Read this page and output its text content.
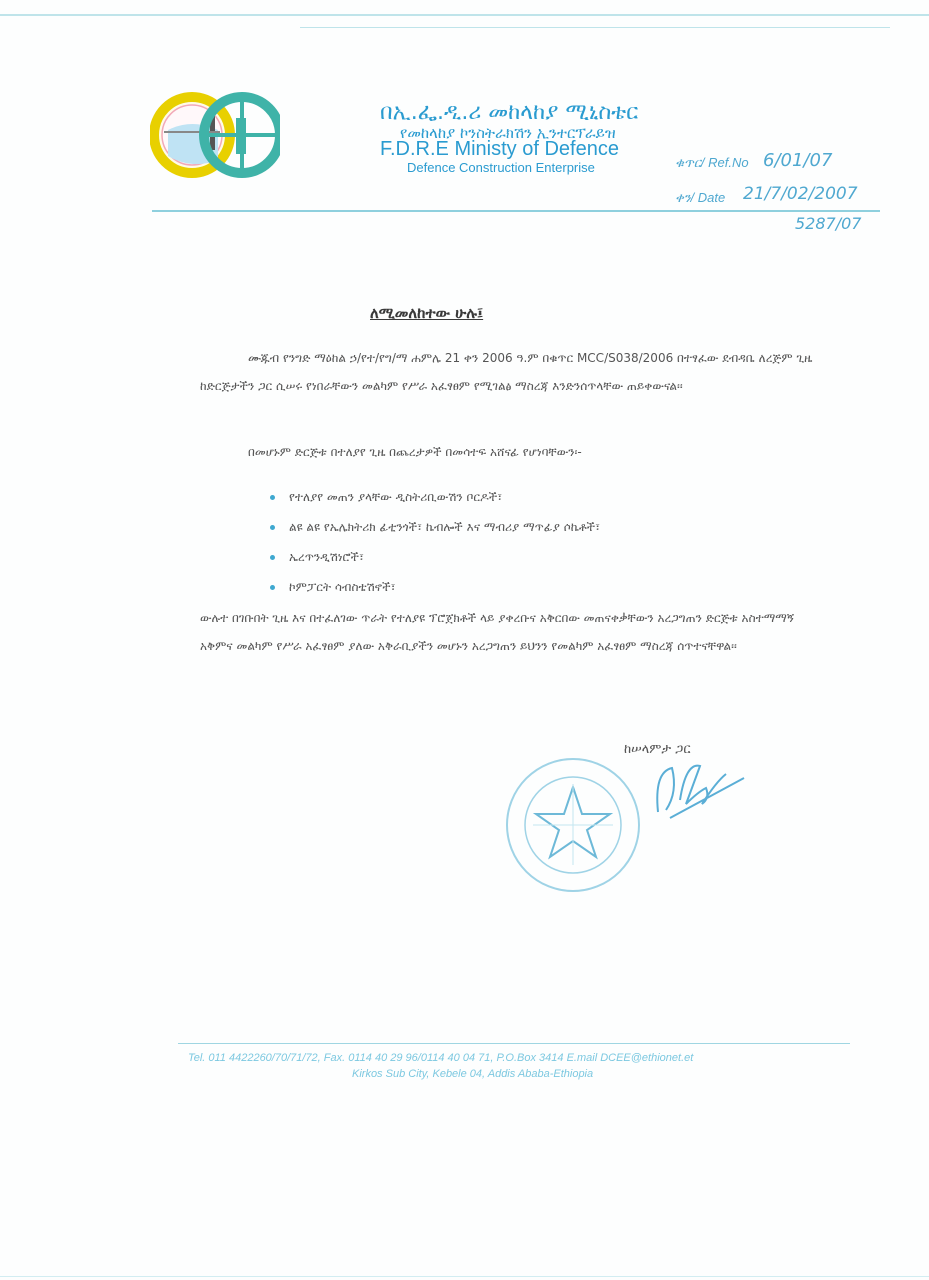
በኢ.ፌ.ዲ.ሪ መከላከያ ሚኒስቴር
የመከላከያ ኮንስትራክሽን ኢንተርፕራይዝ
F.D.R.E Ministy of Defence
Defence Construction Enterprise	ቁጥር/ Ref.No 6/01/07
ቀን/ Date 21/7/02/2007
5287/07
ለሚመለከተው ሁሉ፤
ሙጁብ የንግድ ማዕከል ኃ/የተ/የግ/ማ ሐምሌ 21 ቀን 2006 ዓ.ም በቁጥር MCC/S038/2006 በተፃፈው ደብዳቤ ለረጅም ጊዜ ከድርጅታችን ጋር ሲሠሩ የነበራቸውን መልካም የሥራ አፈፃፀም የሚገልፅ ማስረጃ እንድንሰጥላቸው ጠይቀውናል፡፡
በመሆኑም ድርጅቱ በተለያየ ጊዜ በጨረታዎች በመሳተፍ አሸናፊ የሆነባቸውን፡-
የተለያየ መጠን ያላቸው ዲስትሪቢውሽን ቦርዶች፣
ልዩ ልዩ የኤሌክትሪክ ፊቲንጎች፣ ኬብሎች እና ማብሪያ ማጥፊያ ሶኬቶች፣
ኤረጥንዲሽነሮች፣
ኮምፓርት ሳብስቴሽኖች፣
ውሉተ በገቡበት ጊዜ እና በተፈለገው ጥራት የተለያዩ ፕሮጀክቶች ላይ ያቀረቡና አቅርበው መጠናቀቃቸውን አረጋግጠን ድርጅቱ አስተማማኝ አቅምና መልካም የሥራ አፈፃፀም ያለው አቅራቢያችን መሆኑን አረጋግጠን ይህንን የመልካም አፈፃፀም ማስረጃ ሰጥተናቸዋል፡፡
ከሠላምታ ጋር
Tel. 011 4422260/70/71/72, Fax. 0114 40 29 96/0114 40 04 71, P.O.Box 3414 E.mail DCEE@ethionet.et
Kirkos Sub City, Kebele 04, Addis Ababa-Ethiopia
